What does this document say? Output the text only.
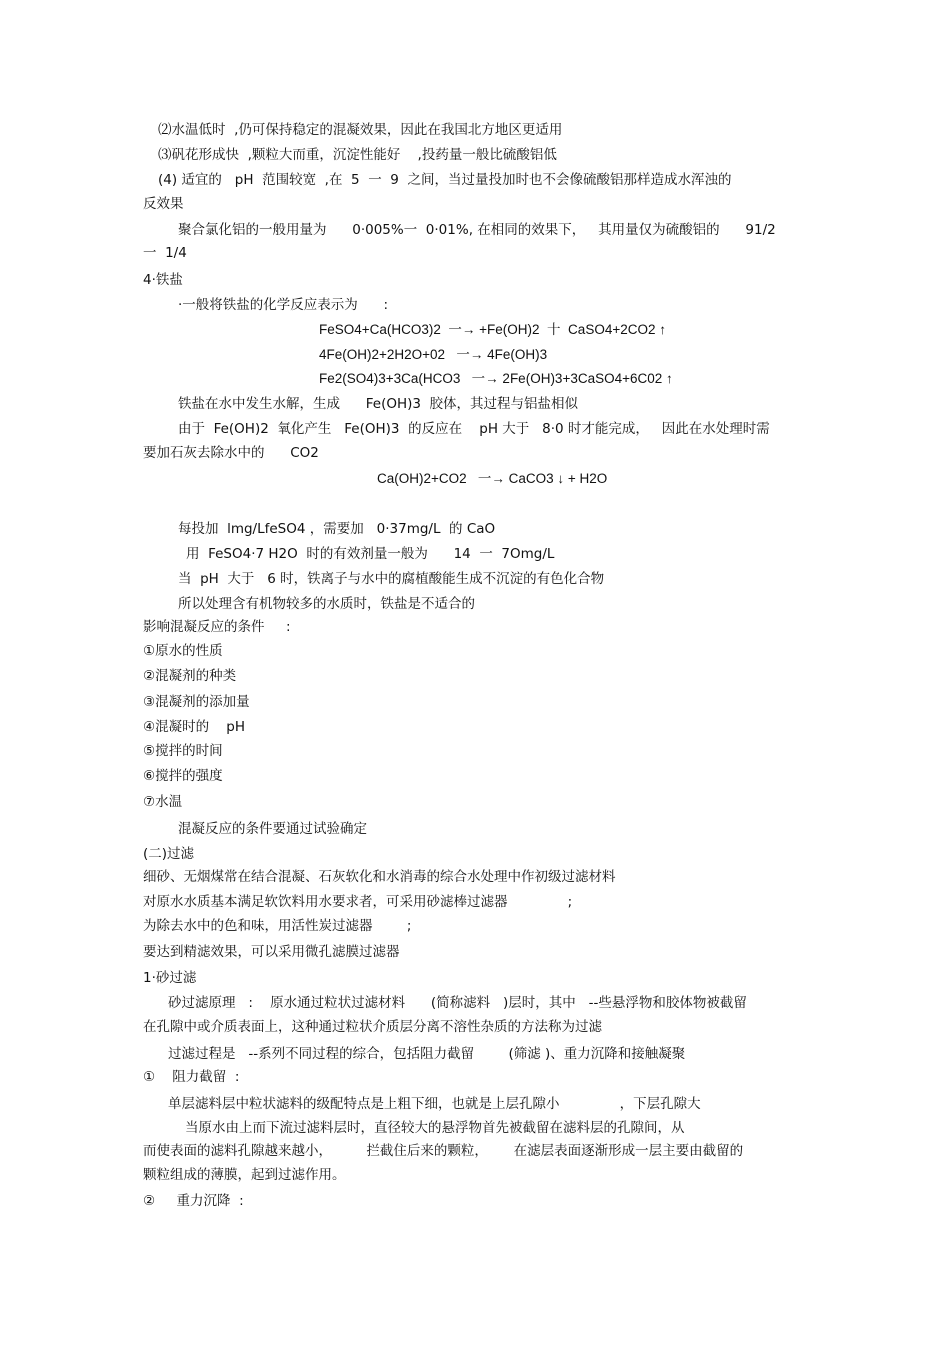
⑵水温低时  ,仍可保持稳定的混凝效果，因此在我国北方地区更适用
⑶矾花形成快  ,颗粒大而重，沉淀性能好    ,投药量一般比硫酸铝低
(4) 适宜的   pH  范围较宽  ,在  5  一  9  之间，当过量投加时也不会像硫酸铝那样造成水浑浊的
反效果
聚合氯化铝的一般用量为      0·005%一  0·01%, 在相同的效果下，   其用量仅为硫酸铝的      91/2
一  1/4
4·铁盐
·一般将铁盐的化学反应表示为      :
FeSO4+Ca(HCO3)2  一→ +Fe(OH)2  十  CaSO4+2CO2 ↑
4Fe(OH)2+2H2O+02   一→ 4Fe(OH)3
Fe2(SO4)3+3Ca(HCO3   一→ 2Fe(OH)3+3CaSO4+6C02 ↑
铁盐在水中发生水解，生成      Fe(OH)3  胶体，其过程与铝盐相似
由于  Fe(OH)2  氧化产生   Fe(OH)3  的反应在    pH 大于   8·0 时才能完成，   因此在水处理时需
要加石灰去除水中的      CO2
Ca(OH)2+CO2   一→ CaCO3 ↓ + H2O
每投加  lmg/LfeSO4 ，需要加   0·37mg/L  的 CaO
用  FeSO4·7 H2O  时的有效剂量一般为      14  一  7Omg/L
当  pH  大于   6 时，铁离子与水中的腐植酸能生成不沉淀的有色化合物
所以处理含有机物较多的水质时，铁盐是不适合的
影响混凝反应的条件     :
①原水的性质
②混凝剂的种类
③混凝剂的添加量
④混凝时的    pH
⑤搅拌的时间
⑥搅拌的强度
⑦水温
混凝反应的条件要通过试验确定
(二)过滤
细砂、无烟煤常在结合混凝、石灰软化和水消毒的综合水处理中作初级过滤材料
对原水水质基本满足软饮料用水要求者，可采用砂滤棒过滤器              ;
为除去水中的色和味，用活性炭过滤器        ;
要达到精滤效果，可以采用微孔滤膜过滤器
1·砂过滤
砂过滤原理   :    原水通过粒状过滤材料      (简称滤料   )层时，其中   --些悬浮物和胶体物被截留
在孔隙中或介质表面上，这种通过粒状介质层分离不溶性杂质的方法称为过滤
过滤过程是   --系列不同过程的综合，包括阻力截留        (筛滤 )、重力沉降和接触凝聚
①    阻力截留  :
单层滤料层中粒状滤料的级配特点是上粗下细，也就是上层孔隙小              ，下层孔隙大
当原水由上而下流过滤料层时，直径较大的悬浮物首先被截留在滤料层的孔隙间，从
而使表面的滤料孔隙越来越小，        拦截住后来的颗粒，      在滤层表面逐渐形成一层主要由截留的
颗粒组成的薄膜，起到过滤作用。
②     重力沉降  :
